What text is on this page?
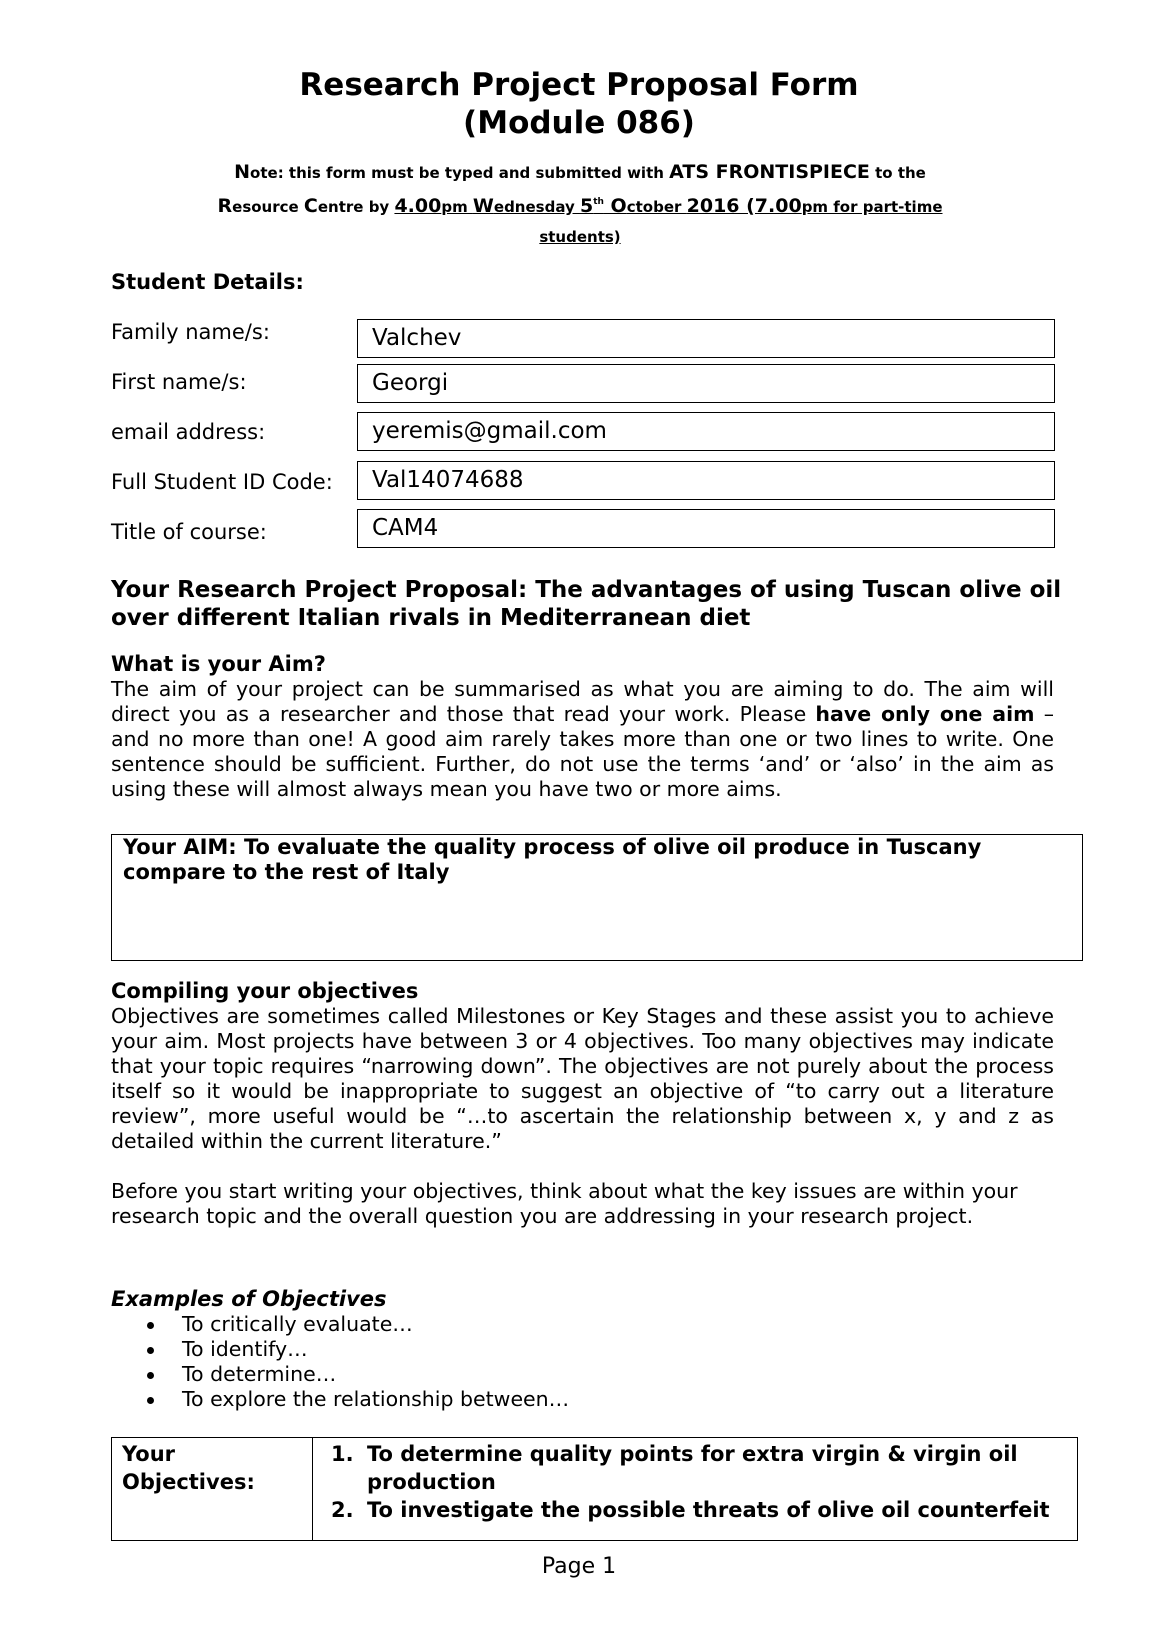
Research Project Proposal Form
(Module 086)

Note: this form must be typed and submitted with ATS FRONTISPIECE to the
Resource Centre by 4.00pm Wednesday 5th October 2016 (7.00pm for part-time
students)

Student Details:

Family name/s:	Valchev
First name/s:	Georgi
email address:	yeremis@gmail.com
Full Student ID Code:	Val14074688
Title of course:	CAM4

Your Research Project Proposal: The advantages of using Tuscan olive oil over different Italian rivals in Mediterranean diet

What is your Aim?

The aim of your project can be summarised as what you are aiming to do. The aim will direct you as a researcher and those that read your work. Please have only one aim – and no more than one! A good aim rarely takes more than one or two lines to write. One sentence should be sufficient. Further, do not use the terms ‘and’ or ‘also’ in the aim as using these will almost always mean you have two or more aims.

Your AIM: To evaluate the quality process of olive oil produce in Tuscany compare to the rest of Italy

Compiling your objectives

Objectives are sometimes called Milestones or Key Stages and these assist you to achieve your aim. Most projects have between 3 or 4 objectives. Too many objectives may indicate that your topic requires “narrowing down”. The objectives are not purely about the process itself so it would be inappropriate to suggest an objective of “to carry out a literature review”, more useful would be “…to ascertain the relationship between x, y and z as detailed within the current literature.”

Before you start writing your objectives, think about what the key issues are within your research topic and the overall question you are addressing in your research project.

Examples of Objectives

To critically evaluate…
To identify…
To determine…
To explore the relationship between…
Your Objectives:	
1. To determine quality points for extra virgin & virgin oil production
2. To investigate the possible threats of olive oil counterfeit
Page 1
